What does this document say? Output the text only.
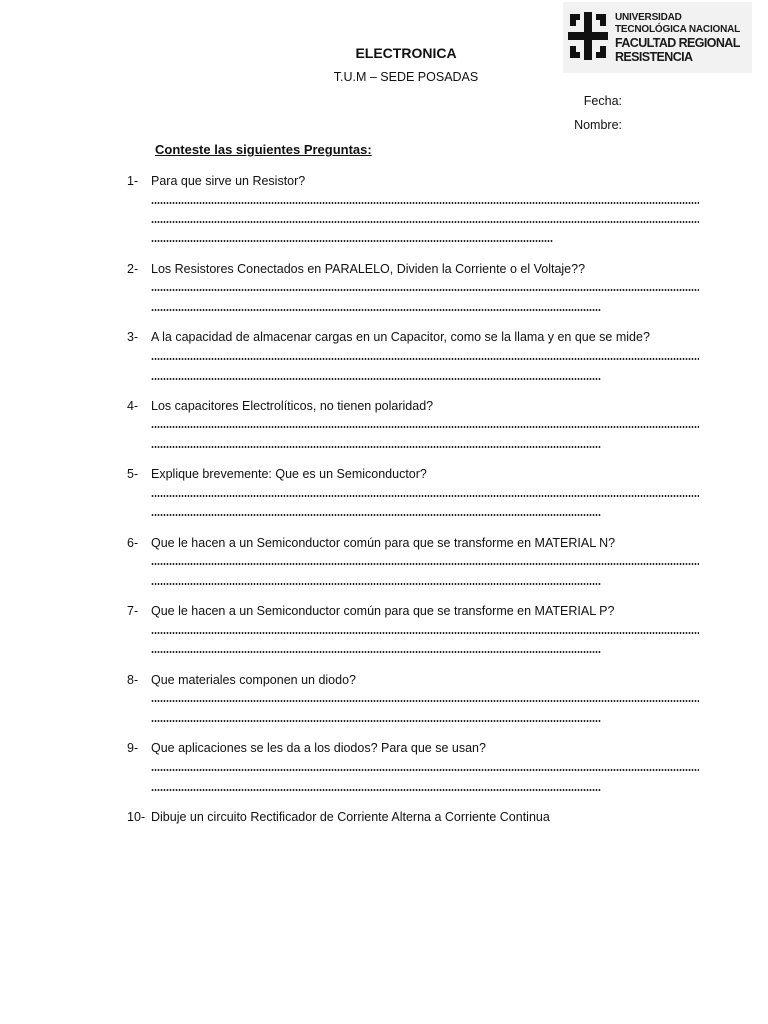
UNIVERSIDAD
TECNOLÓGICA NACIONAL
FACULTAD REGIONAL
RESISTENCIA
ELECTRONICA
T.U.M – SEDE POSADAS
Fecha:
Nombre:
Conteste las siguientes Preguntas:
1- Para que sirve un Resistor?
2- Los Resistores Conectados en PARALELO, Dividen la Corriente o el Voltaje??
3- A la capacidad de almacenar cargas en un Capacitor, como se la llama y en que se mide?
4- Los capacitores Electrolíticos, no tienen polaridad?
5- Explique brevemente: Que es un Semiconductor?
6- Que le hacen a un Semiconductor común para que se transforme en MATERIAL N?
7- Que le hacen a un Semiconductor común para que se transforme en MATERIAL P?
8- Que materiales componen un diodo?
9- Que aplicaciones se les da a los diodos? Para que se usan?
10- Dibuje un circuito Rectificador de Corriente Alterna a Corriente Continua
